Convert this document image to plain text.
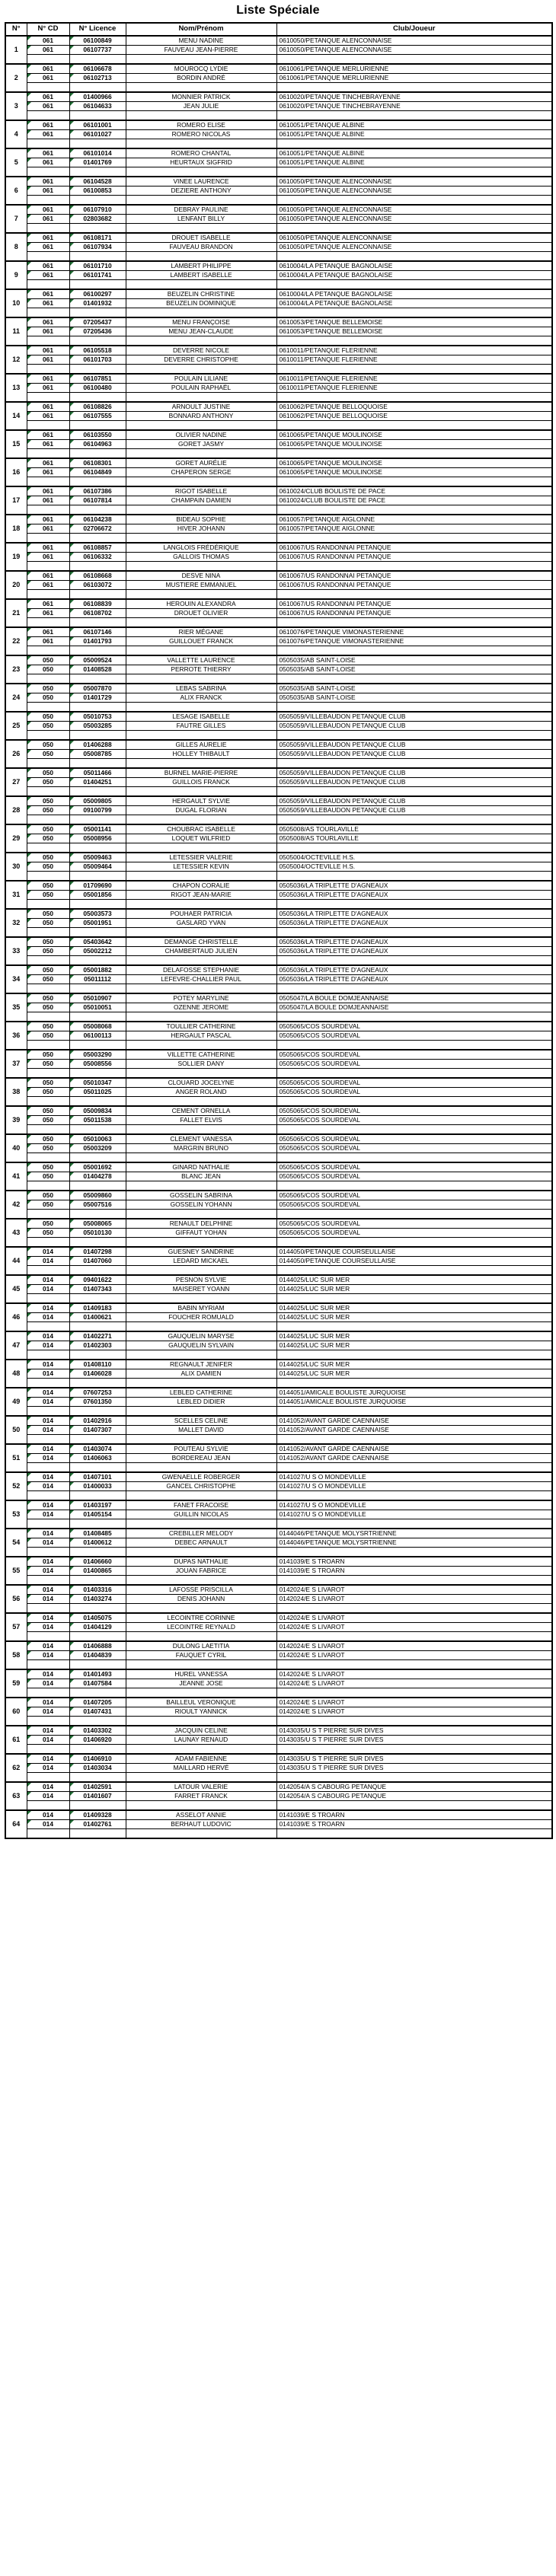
Liste Spéciale
N°	N° CD	N° Licence	Nom/Prénom	Club/Joueur
1	061	06100849	MENU NADINE	0610050/PETANQUE ALENCONNAISE
	061	06107737	FAUVEAU JEAN-PIERRE	0610050/PETANQUE ALENCONNAISE

2	061	06106678	MOUROCQ LYDIE	0610061/PETANQUE MERLURIENNE
	061	06102713	BORDIN ANDRÉ	0610061/PETANQUE MERLURIENNE

3	061	01400966	MONNIER PATRICK	0610020/PETANQUE TINCHEBRAYENNE
	061	06104633	JEAN JULIE	0610020/PETANQUE TINCHEBRAYENNE

4	061	06101001	ROMERO ELISE	0610051/PETANQUE ALBINE
	061	06101027	ROMERO NICOLAS	0610051/PETANQUE ALBINE

5	061	06101014	ROMERO CHANTAL	0610051/PETANQUE ALBINE
	061	01401769	HEURTAUX SIGFRID	0610051/PETANQUE ALBINE

6	061	06104528	VINEE LAURENCE	0610050/PETANQUE ALENCONNAISE
	061	06100853	DEZIERE ANTHONY	0610050/PETANQUE ALENCONNAISE

7	061	06107910	DEBRAY PAULINE	0610050/PETANQUE ALENCONNAISE
	061	02803682	LENFANT BILLY	0610050/PETANQUE ALENCONNAISE

8	061	06108171	DROUET ISABELLE	0610050/PETANQUE ALENCONNAISE
	061	06107934	FAUVEAU BRANDON	0610050/PETANQUE ALENCONNAISE

9	061	06101710	LAMBERT PHILIPPE	0610004/LA PETANQUE BAGNOLAISE
	061	06101741	LAMBERT ISABELLE	0610004/LA PETANQUE BAGNOLAISE

10	061	06100297	BEUZELIN CHRISTINE	0610004/LA PETANQUE BAGNOLAISE
	061	01401932	BEUZELIN DOMINIQUE	0610004/LA PETANQUE BAGNOLAISE

11	061	07205437	MENU FRANÇOISE	0610053/PETANQUE BELLEMOISE
	061	07205436	MENU JEAN-CLAUDE	0610053/PETANQUE BELLEMOISE

12	061	06105518	DEVERRE NICOLE	0610011/PETANQUE FLERIENNE
	061	06101703	DEVERRE CHRISTOPHE	0610011/PETANQUE FLERIENNE

13	061	06107851	POULAIN LILIANE	0610011/PETANQUE FLERIENNE
	061	06100480	POULAIN RAPHAËL	0610011/PETANQUE FLERIENNE

14	061	06108826	ARNOULT JUSTINE	0610062/PETANQUE BELLOQUOISE
	061	06107555	BONNARD ANTHONY	0610062/PETANQUE BELLOQUOISE

15	061	06103550	OLIVIER NADINE	0610065/PETANQUE MOULINOISE
	061	06104963	GORET JASMY	0610065/PETANQUE MOULINOISE

16	061	06108301	GORET AURÉLIE	0610065/PETANQUE MOULINOISE
	061	06104849	CHAPERON SERGE	0610065/PETANQUE MOULINOISE

17	061	06107386	RIGOT ISABELLE	0610024/CLUB BOULISTE DE PACE
	061	06107814	CHAMPAIN DAMIEN	0610024/CLUB BOULISTE DE PACE

18	061	06104238	BIDEAU SOPHIE	0610057/PETANQUE AIGLONNE
	061	02706672	HIVER JOHANN	0610057/PETANQUE AIGLONNE

19	061	06108857	LANGLOIS FRÉDÉRIQUE	0610067/US RANDONNAI PETANQUE
	061	06106332	GALLOIS THOMAS	0610067/US RANDONNAI PETANQUE

20	061	06108668	DESVE NINA	0610067/US RANDONNAI PETANQUE
	061	06103072	MUSTIERE EMMANUEL	0610067/US RANDONNAI PETANQUE

21	061	06108839	HEROUIN ALEXANDRA	0610067/US RANDONNAI PETANQUE
	061	06108702	DROUET OLIVIER	0610067/US RANDONNAI PETANQUE

22	061	06107146	RIER MÉGANE	0610076/PETANQUE VIMONASTERIENNE
	061	01401793	GUILLOUET FRANCK	0610076/PETANQUE VIMONASTERIENNE

23	050	05009524	VALLETTE LAURENCE	0505035/AB SAINT-LOISE
	050	01408528	PERROTE THIERRY	0505035/AB SAINT-LOISE

24	050	05007870	LEBAS SABRINA	0505035/AB SAINT-LOISE
	050	01401729	ALIX FRANCK	0505035/AB SAINT-LOISE

25	050	05010753	LESAGE ISABELLE	0505059/VILLEBAUDON PETANQUE CLUB
	050	05003285	FAUTRE GILLES	0505059/VILLEBAUDON PETANQUE CLUB

26	050	01406288	GILLES AURELIE	0505059/VILLEBAUDON PETANQUE CLUB
	050	05008785	HOLLEY THIBAULT	0505059/VILLEBAUDON PETANQUE CLUB

27	050	05011466	BURNEL MARIE-PIERRE	0505059/VILLEBAUDON PETANQUE CLUB
	050	01404251	GUILLOIS FRANCK	0505059/VILLEBAUDON PETANQUE CLUB

28	050	05009805	HERGAULT SYLVIE	0505059/VILLEBAUDON PETANQUE CLUB
	050	09100799	DUGAL FLORIAN	0505059/VILLEBAUDON PETANQUE CLUB

29	050	05001141	CHOUBRAC ISABELLE	0505008/AS TOURLAVILLE
	050	05008956	LOQUET WILFRIED	0505008/AS TOURLAVILLE

30	050	05009463	LETESSIER VALERIE	0505004/OCTEVILLE H.S.
	050	05009464	LETESSIER KEVIN	0505004/OCTEVILLE H.S.

31	050	01709690	CHAPON CORALIE	0505036/LA TRIPLETTE D'AGNEAUX
	050	05001856	RIGOT JEAN-MARIE	0505036/LA TRIPLETTE D'AGNEAUX

32	050	05003573	POUHAER PATRICIA	0505036/LA TRIPLETTE D'AGNEAUX
	050	05001951	GASLARD YVAN	0505036/LA TRIPLETTE D'AGNEAUX

33	050	05403642	DEMANGE CHRISTELLE	0505036/LA TRIPLETTE D'AGNEAUX
	050	05002212	CHAMBERTAUD JULIEN	0505036/LA TRIPLETTE D'AGNEAUX

34	050	05001882	DELAFOSSE STEPHANIE	0505036/LA TRIPLETTE D'AGNEAUX
	050	05011112	LEFEVRE-CHALLIER PAUL	0505036/LA TRIPLETTE D'AGNEAUX

35	050	05010907	POTEY MARYLINE	0505047/LA BOULE DOMJEANNAISE
	050	05010051	OZENNE JEROME	0505047/LA BOULE DOMJEANNAISE

36	050	05008068	TOULLIER CATHERINE	0505065/COS SOURDEVAL
	050	06100113	HERGAULT PASCAL	0505065/COS SOURDEVAL

37	050	05003290	VILLETTE CATHERINE	0505065/COS SOURDEVAL
	050	05008556	SOLLIER DANY	0505065/COS SOURDEVAL

38	050	05010347	CLOUARD JOCELYNE	0505065/COS SOURDEVAL
	050	05011025	ANGER ROLAND	0505065/COS SOURDEVAL

39	050	05009834	CEMENT ORNELLA	0505065/COS SOURDEVAL
	050	05011538	FALLET ELVIS	0505065/COS SOURDEVAL

40	050	05010063	CLEMENT VANESSA	0505065/COS SOURDEVAL
	050	05003209	MARGRIN BRUNO	0505065/COS SOURDEVAL

41	050	05001692	GINARD NATHALIE	0505065/COS SOURDEVAL
	050	01404278	BLANC JEAN	0505065/COS SOURDEVAL

42	050	05009860	GOSSELIN SABRINA	0505065/COS SOURDEVAL
	050	05007516	GOSSELIN YOHANN	0505065/COS SOURDEVAL

43	050	05008065	RENAULT DELPHINE	0505065/COS SOURDEVAL
	050	05010130	GIFFAUT YOHAN	0505065/COS SOURDEVAL

44	014	01407298	GUESNEY SANDRINE	0144050/PETANQUE COURSEULLAISE
	014	01407060	LEDARD MICKAEL	0144050/PETANQUE COURSEULLAISE

45	014	09401622	PESNON SYLVIE	0144025/LUC SUR MER
	014	01407343	MAISERET YOANN	0144025/LUC SUR MER

46	014	01409183	BABIN MYRIAM	0144025/LUC SUR MER
	014	01400621	FOUCHER ROMUALD	0144025/LUC SUR MER

47	014	01402271	GAUQUELIN MARYSE	0144025/LUC SUR MER
	014	01402303	GAUQUELIN SYLVAIN	0144025/LUC SUR MER

48	014	01408110	REGNAULT JENIFER	0144025/LUC SUR MER
	014	01406028	ALIX DAMIEN	0144025/LUC SUR MER

49	014	07607253	LEBLED CATHERINE	0144051/AMICALE BOULISTE JURQUOISE
	014	07601350	LEBLED DIDIER	0144051/AMICALE BOULISTE JURQUOISE

50	014	01402916	SCELLES CELINE	0141052/AVANT GARDE CAENNAISE
	014	01407307	MALLET DAVID	0141052/AVANT GARDE CAENNAISE

51	014	01403074	POUTEAU SYLVIE	0141052/AVANT GARDE CAENNAISE
	014	01406063	BORDEREAU JEAN	0141052/AVANT GARDE CAENNAISE

52	014	01407101	GWENAELLE ROBERGER	0141027/U S O MONDEVILLE
	014	01400033	GANCEL CHRISTOPHE	0141027/U S O MONDEVILLE

53	014	01403197	FANET FRACOISE	0141027/U S O MONDEVILLE
	014	01405154	GUILLIN NICOLAS	0141027/U S O MONDEVILLE

54	014	01408485	CREBILLER MELODY	0144046/PETANQUE MOLYSRTRIENNE
	014	01400612	DEBEC ARNAULT	0144046/PETANQUE MOLYSRTRIENNE

55	014	01406660	DUPAS NATHALIE	0141039/E S TROARN
	014	01400865	JOUAN FABRICE	0141039/E S TROARN

56	014	01403316	LAFOSSE PRISCILLA	0142024/E S LIVAROT
	014	01403274	DENIS JOHANN	0142024/E S LIVAROT

57	014	01405075	LECOINTRE CORINNE	0142024/E S LIVAROT
	014	01404129	LECOINTRE REYNALD	0142024/E S LIVAROT

58	014	01406888	DULONG LAETITIA	0142024/E S LIVAROT
	014	01404839	FAUQUET CYRIL	0142024/E S LIVAROT

59	014	01401493	HUREL VANESSA	0142024/E S LIVAROT
	014	01407584	JEANNE JOSE	0142024/E S LIVAROT

60	014	01407205	BAILLEUL VERONIQUE	0142024/E S LIVAROT
	014	01407431	RIOULT YANNICK	0142024/E S LIVAROT

61	014	01403302	JACQUIN CELINE	0143035/U S T PIERRE SUR DIVES
	014	01406920	LAUNAY RENAUD	0143035/U S T PIERRE SUR DIVES

62	014	01406910	ADAM FABIENNE	0143035/U S T PIERRE SUR DIVES
	014	01403034	MAILLARD HERVÉ	0143035/U S T PIERRE SUR DIVES

63	014	01402591	LATOUR VALERIE	0142054/A S CABOURG PETANQUE
	014	01401607	FARRET FRANCK	0142054/A S CABOURG PETANQUE

64	014	01409328	ASSELOT ANNIE	0141039/E S TROARN
	014	01402761	BERHAUT LUDOVIC	0141039/E S TROARN
